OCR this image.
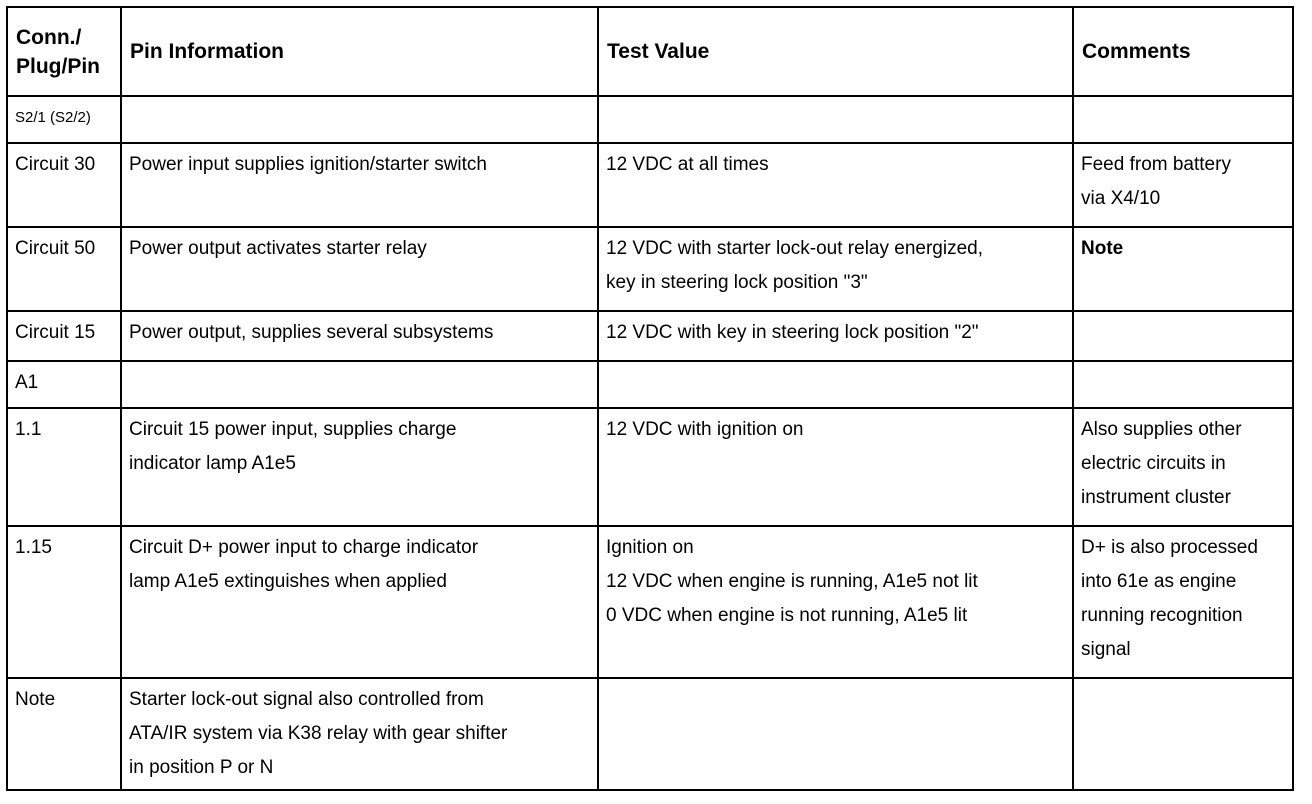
Conn./
Plug/Pin	Pin Information	Test Value	Comments
S2/1 (S2/2)			
Circuit 30	Power input supplies ignition/starter switch	12 VDC at all times	Feed from battery
via X4/10

Circuit 50	Power output activates starter relay	12 VDC with starter lock-out relay energized,
key in steering lock position "3"	Note

Circuit 15	Power output, supplies several subsystems	12 VDC with key in steering lock position "2"	

A1			
1.1	Circuit 15 power input, supplies charge
indicator lamp A1e5	12 VDC with ignition on	Also supplies other
electric circuits in
instrument cluster

1.15	Circuit D+ power input to charge indicator
lamp A1e5 extinguishes when applied	Ignition on
12 VDC when engine is running, A1e5 not lit
0 VDC when engine is not running, A1e5 lit	D+ is also processed
into 61e as engine
running recognition
signal

Note	Starter lock-out signal also controlled from
ATA/IR system via K38 relay with gear shifter
in position P or N		
